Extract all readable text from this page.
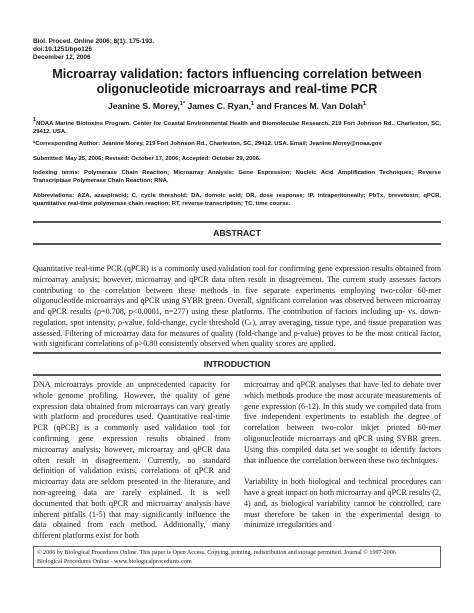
Biol. Proced. Online 2006; 8(1): 175-193.
doi:10.1251/bpo126
December 12, 2006
Microarray validation: factors influencing correlation between
oligonucleotide microarrays and real-time PCR
Jeanine S. Morey,$^{1*}$ James C. Ryan,$^1$ and Frances M. Van Dolah$^1$
$^1$NOAA Marine Biotoxins Program, Center for Coastal Environmental Health and Biomolecular Research. 219 Fort Johnson Rd., Charleston, SC, 29412. USA.
*Corresponding Author: Jeanine Morey, 219 Fort Johnson Rd., Charleston, SC, 29412. USA. Email: Jeanine.Morey@noaa.gov
Submitted: May 25, 2006; Revised: October 17, 2006; Accepted: October 29, 2006.
Indexing terms: Polymerase Chain Reaction; Microarray Analysis; Gene Expression; Nucleic Acid Amplification Techniques; Reverse Transcriptase Polymerase Chain Reaction; RNA.
Abbreviations: AZA, azaspiracid; C, cycle threshold; DA, domoic acid; DR, dose response; IP, intraperitoneally; PbTx, brevetoxin; qPCR, quantitative real-time polymerase chain reaction; RT, reverse transcription; TC, time course.
ABSTRACT
Quantitative real-time PCR (qPCR) is a commonly used validation tool for confirming gene expression results obtained from microarray analysis; however, microarray and qPCR data often result in disagreement. The current study assesses factors contributing to the correlation between these methods in five separate experiments employing two-color 60-mer oligonucleotide microarrays and qPCR using SYBR green. Overall, significant correlation was observed between microarray and qPCR results (ρ=0.708, p<0.0001, n=277) using these platforms. The contribution of factors including up- vs. down-regulation, spot intensity, ρ-value, fold-change, cycle threshold (Cₜ), array averaging, tissue type, and tissue preparation was assessed. Filtering of microarray data for measures of quality (fold-change and ρ-value) proves to be the most critical factor, with significant correlations of ρ>0.80 consistently observed when quality scores are applied.
INTRODUCTION

DNA microarrays provide an unprecedented capacity for whole genome profiling. However, the quality of gene expression data obtained from microarrays can vary greatly with platform and procedures used. Quantitative real-time PCR (qPCR) is a commonly used validation tool for confirming gene expression results obtained from microarray analysis; however, microarray and qPCR data often result in disagreement. Currently, no standard definition of validation exists, correlations of qPCR and microarray data are seldom presented in the literature, and non-agreeing data are rarely explained. It is well documented that both qPCR and microarray analysis have inherent pitfalls (1-5) that may significantly influence the data obtained from each method. Additionally, many different platforms exist for both

microarray and qPCR analyses that have led to debate over which methods produce the most accurate measurements of gene expression (6-12). In this study we compiled data from five independent experiments to establish the degree of correlation between two-color inkjet printed 60-mer oligonucleotide microarrays and qPCR using SYBR green. Using this compiled data set we sought to identify factors that influence the correlation between these two techniques.

Variability in both biological and technical procedures can have a great impact on both microarray and qPCR results (2, 4) and, as biological variability cannot be controlled, care must therefore be taken in the experimental design to minimize irregularities and

© 2006 by Biological Procedures Online. This paper is Open Access. Copying, printing, redistribution and storage permitted. Journal © 1997-2006
Biological Procedures Online - www.biologicalprocedures.com
